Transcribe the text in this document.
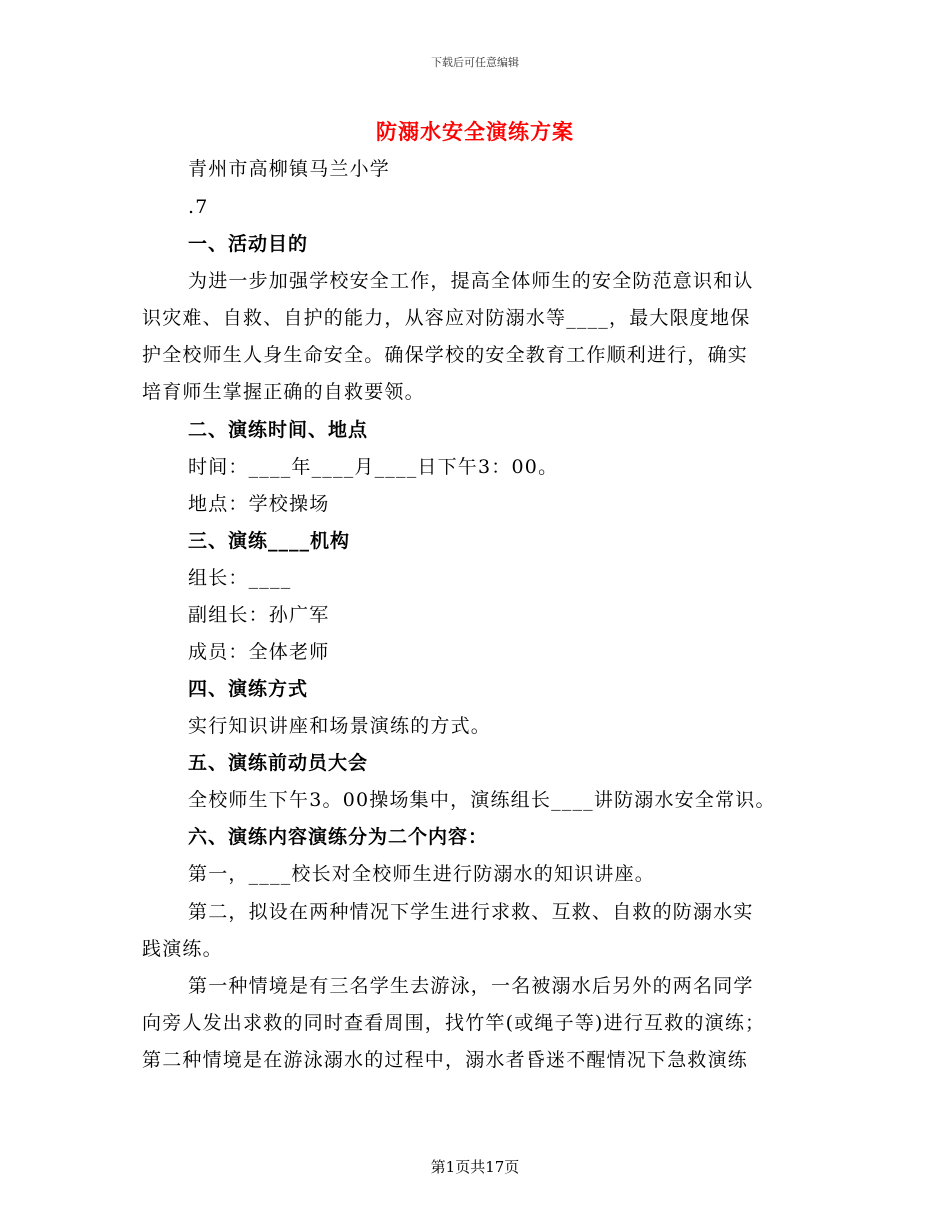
下载后可任意编辑
防溺水安全演练方案
青州市高柳镇马兰小学
.7
一、活动目的
为进一步加强学校安全工作，提高全体师生的安全防范意识和认
识灾难、自救、自护的能力，从容应对防溺水等____，最大限度地保
护全校师生人身生命安全。确保学校的安全教育工作顺利进行，确实
培育师生掌握正确的自救要领。
二、演练时间、地点
时间：____年____月____日下午3：00。
地点：学校操场
三、演练____机构
组长：____
副组长：孙广军
成员：全体老师
四、演练方式
实行知识讲座和场景演练的方式。
五、演练前动员大会
全校师生下午3。00操场集中，演练组长____讲防溺水安全常识。
六、演练内容演练分为二个内容：
第一，____校长对全校师生进行防溺水的知识讲座。
第二，拟设在两种情况下学生进行求救、互救、自救的防溺水实
践演练。
第一种情境是有三名学生去游泳，一名被溺水后另外的两名同学
向旁人发出求救的同时查看周围，找竹竿(或绳子等)进行互救的演练；
第二种情境是在游泳溺水的过程中，溺水者昏迷不醒情况下急救演练
第1页共17页
